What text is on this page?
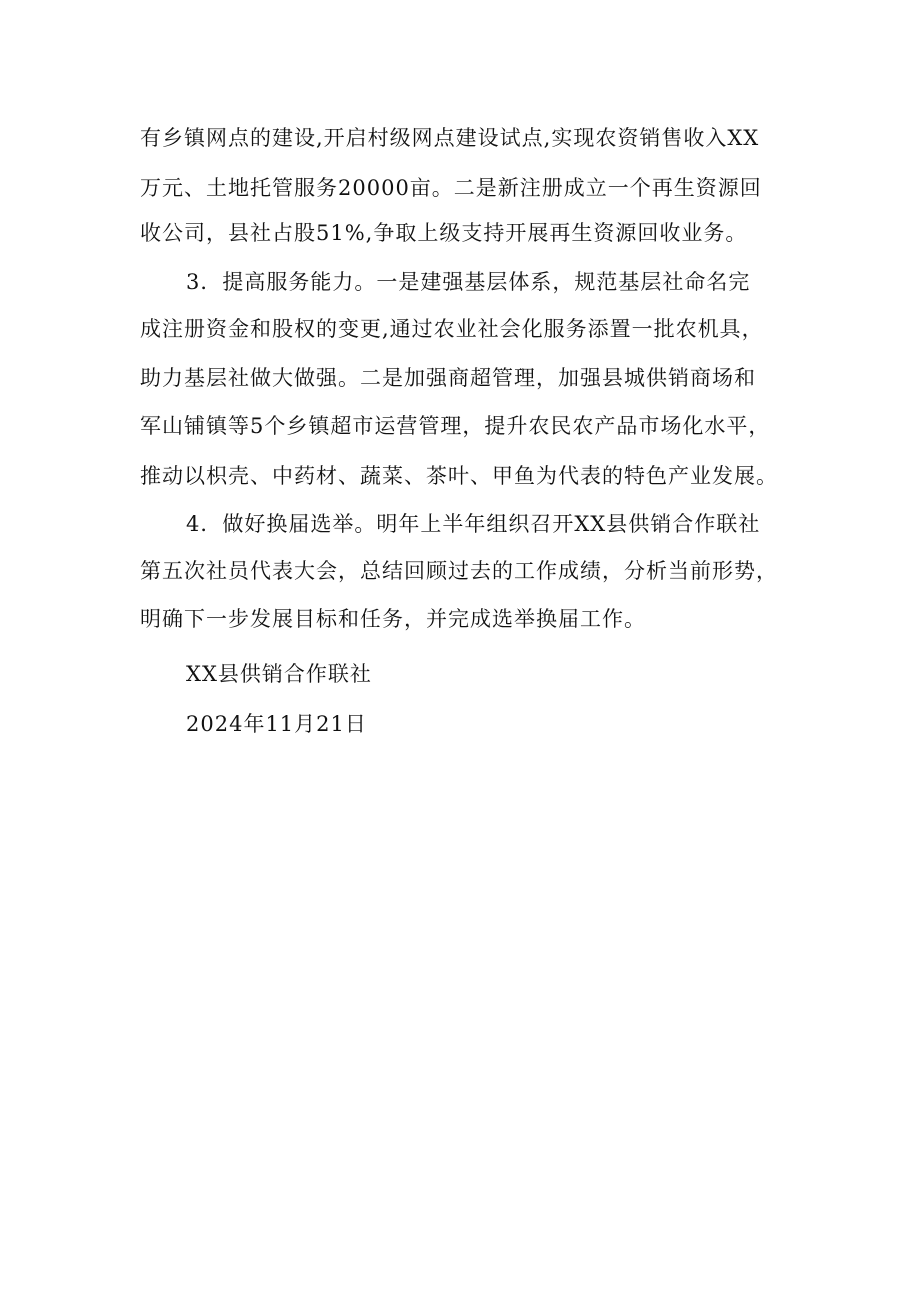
有乡镇网点的建设,开启村级网点建设试点,实现农资销售收入XX
万元、土地托管服务20000亩。二是新注册成立一个再生资源回
收公司，县社占股51%,争取上级支持开展再生资源回收业务。
3．提高服务能力。一是建强基层体系，规范基层社命名完
成注册资金和股权的变更,通过农业社会化服务添置一批农机具，
助力基层社做大做强。二是加强商超管理，加强县城供销商场和
军山铺镇等5个乡镇超市运营管理，提升农民农产品市场化水平，
推动以枳壳、中药材、蔬菜、茶叶、甲鱼为代表的特色产业发展。
4．做好换届选举。明年上半年组织召开XX县供销合作联社
第五次社员代表大会，总结回顾过去的工作成绩，分析当前形势，
明确下一步发展目标和任务，并完成选举换届工作。
XX县供销合作联社
2024年11月21日
